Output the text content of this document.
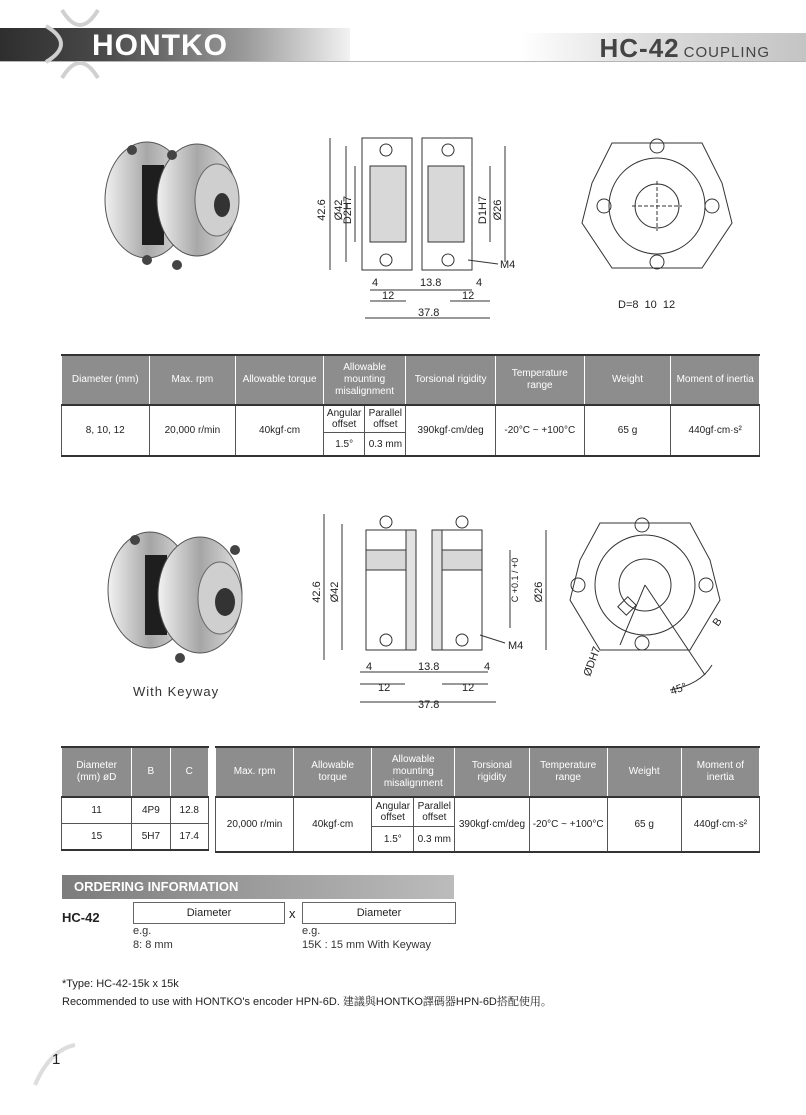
HONTKO	HC-42 COUPLING
42.6 Ø42
D2H7	D1H7 Ø26
M4
4	13.8	4
12	12
37.8
D=8 10 12
Diameter (mm)	Max. rpm	Allowable torque	Allowable mounting misalignment		Torsional rigidity	Temperature range	Weight	Moment of inertia
8, 10, 12	20,000 r/min	40kgf·cm	Angular offset	Parallel offset	390kgf·cm/deg	-20°C ~ +100°C	65 g	440gf·cm·s²
			1.5°	0.3 mm				
With Keyway
42.6 Ø42	C +0.1 / +0 Ø26
M4
4	13.8	4
12	12
37.8
ØDH7
B
45°
Diameter (mm) øD	B	C
11	4P9	12.8
15	5H7	17.4
Max. rpm	Allowable torque	Allowable mounting misalignment		Torsional rigidity	Temperature range	Weight	Moment of inertia
20,000 r/min	40kgf·cm	Angular offset	Parallel offset	390kgf·cm/deg	-20°C ~ +100°C	65 g	440gf·cm·s²
		1.5°	0.3 mm				
ORDERING INFORMATION
HC-42	Diameter	x	Diameter
e.g.
8: 8 mm
e.g.
15K : 15 mm With Keyway
*Type: HC-42-15k x 15k
Recommended to use with HONTKO's encoder HPN-6D. 建議與HONTKO譯碼器HPN-6D搭配使用。
1
